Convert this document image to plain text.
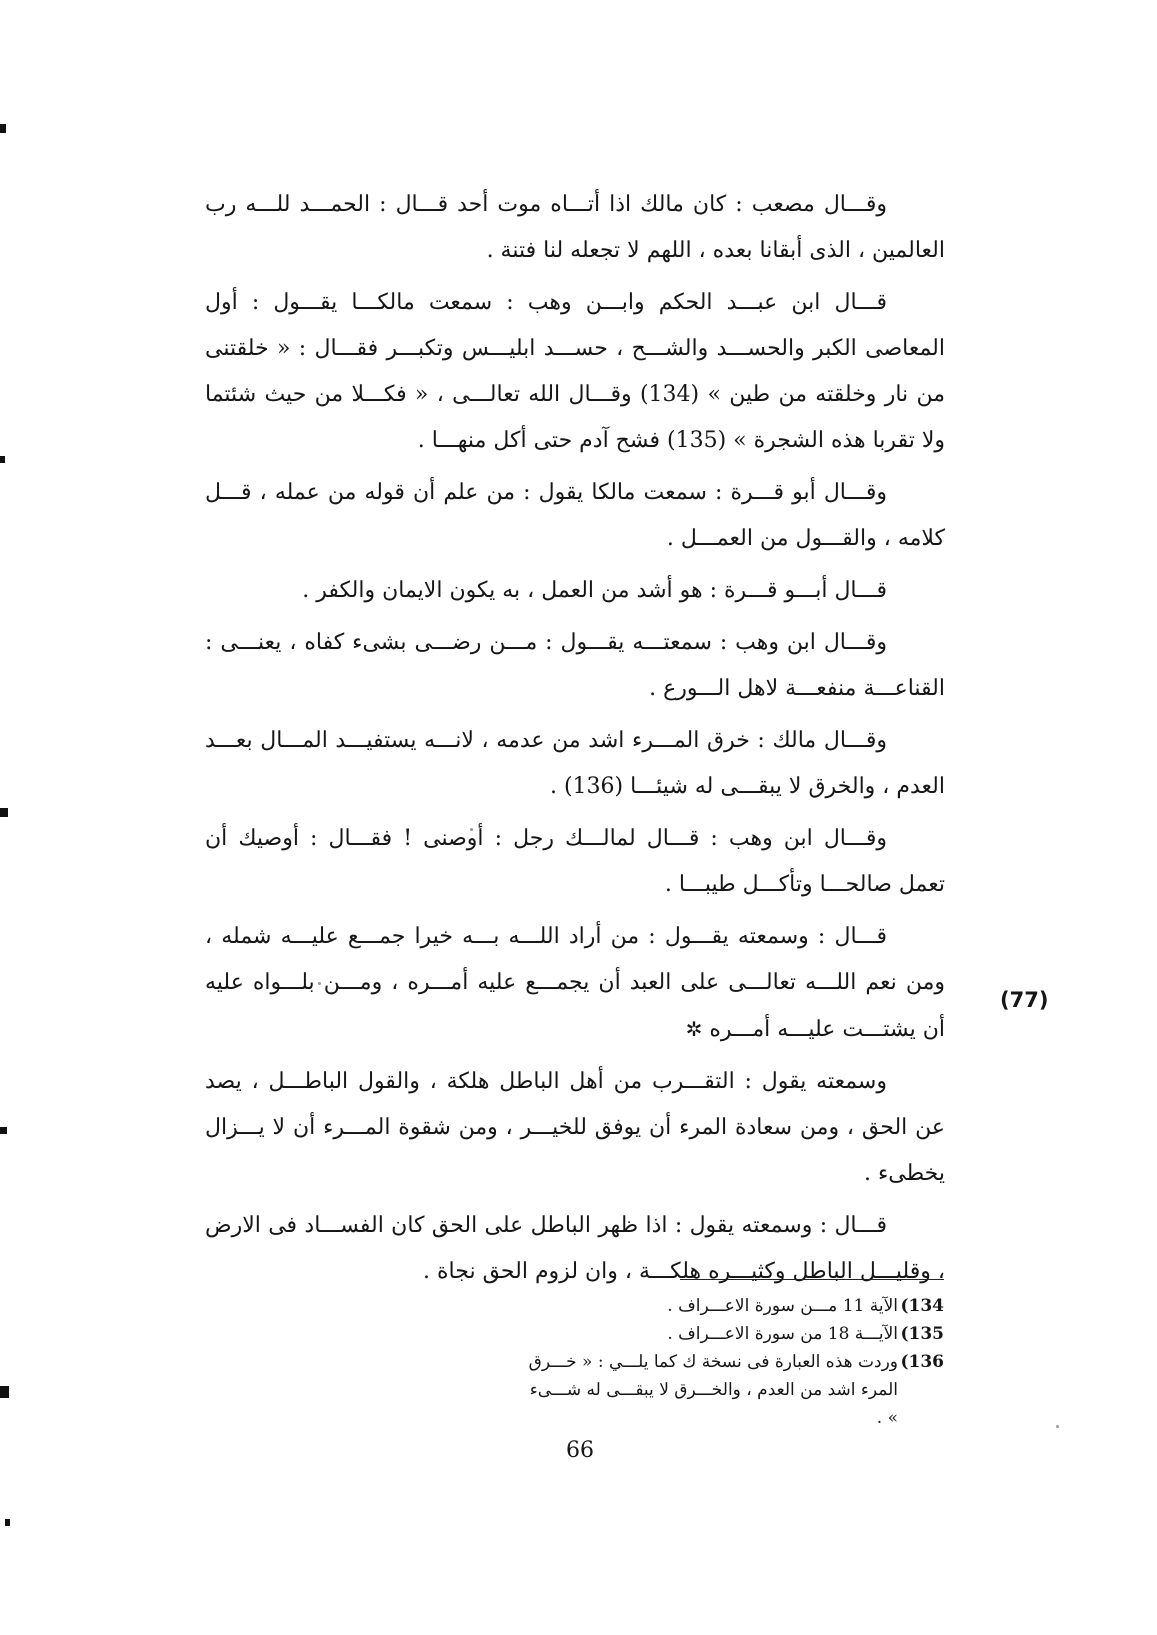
وقـــال مصعب : كان مالك اذا أتـــاه موت أحد قـــال : الحمـــد للـــه رب العالمين ، الذى أبقانا بعده ، اللهم لا تجعله لنا فتنة .

قـــال ابن عبـــد الحكم وابـــن وهب : سمعت مالكـــا يقـــول : أول المعاصى الكبر والحســـد والشـــح ، حســـد ابليـــس وتكبـــر فقـــال : « خلقتنى من نار وخلقته من طين » (134) وقـــال الله تعالـــى ، « فكـــلا من حيث شئتما ولا تقربا هذه الشجرة » (135) فشح آدم حتى أكل منهـــا .

وقـــال أبو قـــرة : سمعت مالكا يقول : من علم أن قوله من عمله ، قـــل كلامه ، والقـــول من العمـــل .

قـــال أبـــو قـــرة : هو أشد من العمل ، به يكون الايمان والكفر .

وقـــال ابن وهب : سمعتـــه يقـــول : مـــن رضـــى بشىء كفاه ، يعنـــى : القناعـــة منفعـــة لاهل الـــورع .

وقـــال مالك : خرق المـــرء اشد من عدمه ، لانـــه يستفيـــد المـــال بعـــد العدم ، والخرق لا يبقـــى له شيئـــا (136) .

وقـــال ابن وهب : قـــال لمالـــك رجل : أوصنى ! فقـــال : أوصيك أن تعمل صالحـــا وتأكـــل طيبـــا .

قـــال : وسمعته يقـــول : من أراد اللـــه بـــه خيرا جمـــع عليـــه شمله ، ومن نعم اللـــه تعالـــى على العبد أن يجمـــع عليه أمـــره ، ومـــن بلـــواه عليه أن يشتـــت عليـــه أمـــره ✲

وسمعته يقول : التقـــرب من أهل الباطل هلكة ، والقول الباطـــل ، يصد عن الحق ، ومن سعادة المرء أن يوفق للخيـــر ، ومن شقوة المـــرء أن لا يـــزال يخطىء .

قـــال : وسمعته يقول : اذا ظهر الباطل على الحق كان الفســـاد فى الارض ، وقليـــل الباطل وكثيـــره هلكـــة ، وان لزوم الحق نجاة .

(77)
134)
الآية 11 مـــن سورة الاعـــراف .
135)
الآيـــة 18 من سورة الاعـــراف .
136)
وردت هذه العبارة فى نسخة ك كما يلـــي : « خـــرق المرء اشد من العدم ، والخـــرق لا يبقـــى له شـــىء » .
66
